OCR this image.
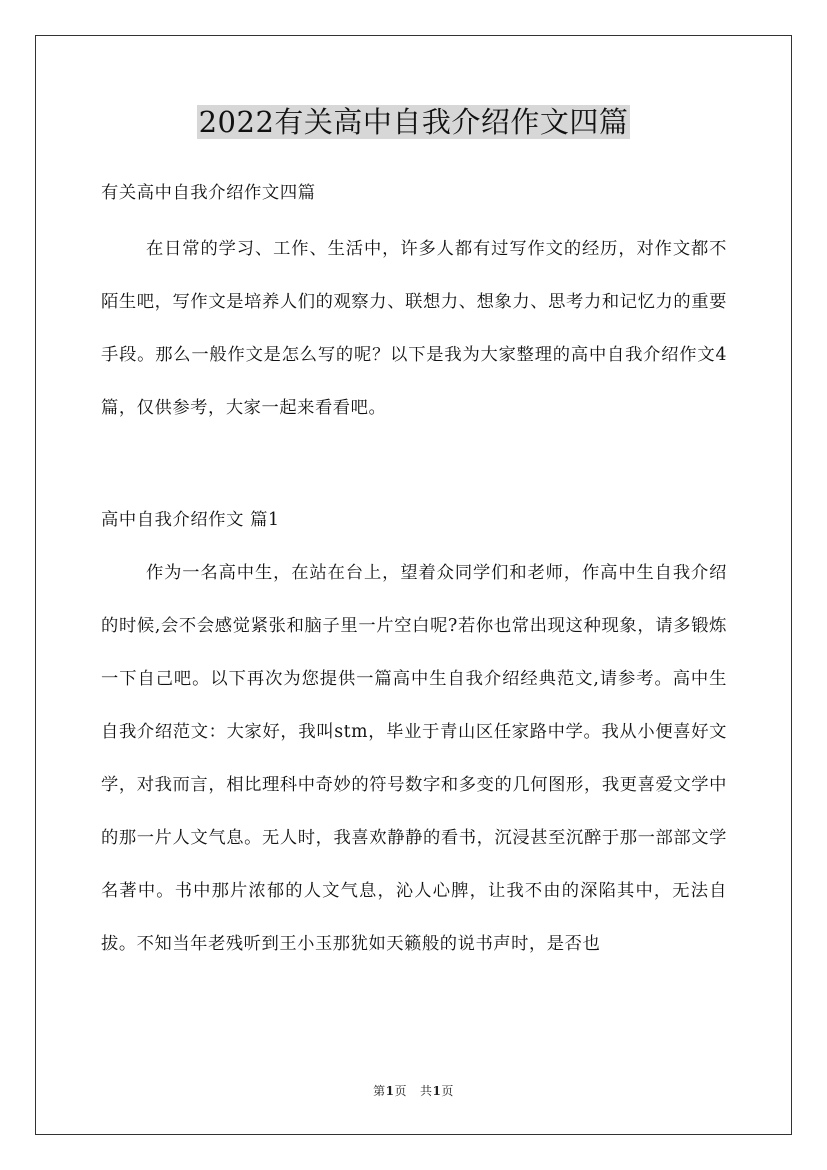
2022有关高中自我介绍作文四篇
有关高中自我介绍作文四篇
在日常的学习、工作、生活中，许多人都有过写作文的经历，对作文都不陌生吧，写作文是培养人们的观察力、联想力、想象力、思考力和记忆力的重要手段。那么一般作文是怎么写的呢？以下是我为大家整理的高中自我介绍作文4篇，仅供参考，大家一起来看看吧。
高中自我介绍作文 篇1
作为一名高中生，在站在台上，望着众同学们和老师，作高中生自我介绍的时候,会不会感觉紧张和脑子里一片空白呢?若你也常出现这种现象，请多锻炼一下自己吧。以下再次为您提供一篇高中生自我介绍经典范文,请参考。高中生自我介绍范文：大家好，我叫stm，毕业于青山区任家路中学。我从小便喜好文学，对我而言，相比理科中奇妙的符号数字和多变的几何图形，我更喜爱文学中的那一片人文气息。无人时，我喜欢静静的看书，沉浸甚至沉醉于那一部部文学名著中。书中那片浓郁的人文气息，沁人心脾，让我不由的深陷其中，无法自拔。不知当年老残听到王小玉那犹如天籁般的说书声时，是否也
第1页 共1页
